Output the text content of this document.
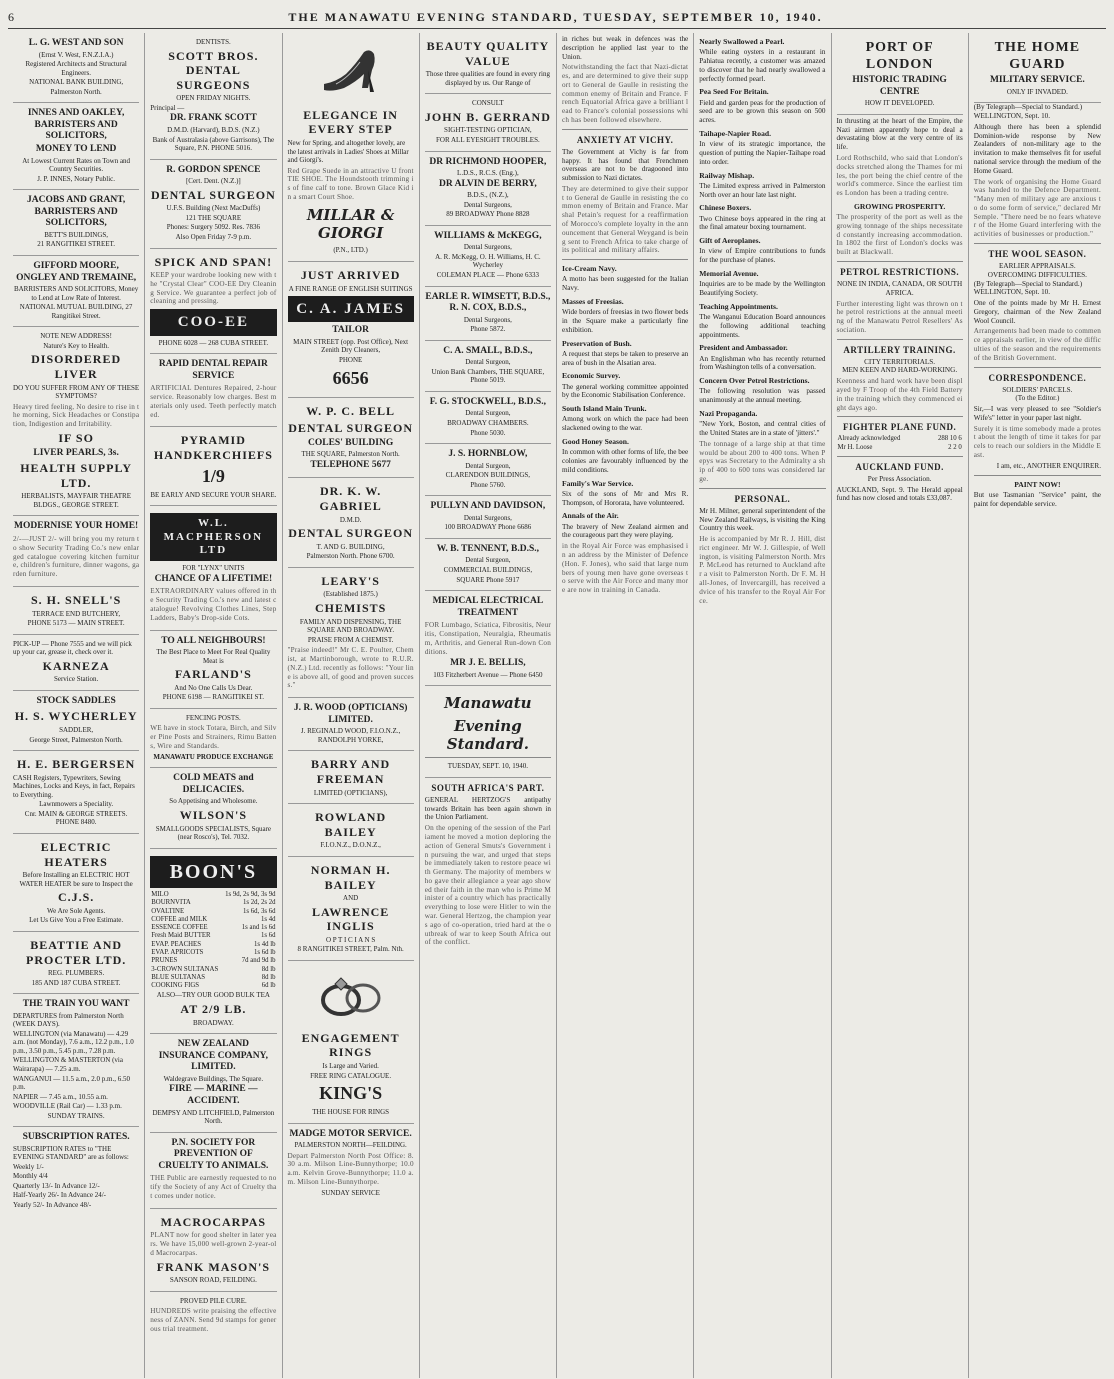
6	THE MANAWATU EVENING STANDARD, TUESDAY, SEPTEMBER 10, 1940.
L. G. WEST AND SON
(Ernst V. West, F.N.Z.I.A.)
Registered Architects and Structural Engineers.
NATIONAL BANK BUILDING,
Palmerston North.
INNES AND OAKLEY, BARRISTERS AND SOLICITORS,
MONEY TO LEND
At Lowest Current Rates on Town and Country Securities.
J. P. INNES, Notary Public.
JACOBS AND GRANT, BARRISTERS AND SOLICITORS,
BETT'S BUILDINGS,
21 RANGITIKEI STREET.
GIFFORD MOORE, ONGLEY AND TREMAINE,
BARRISTERS AND SOLICITORS, Money to Lend at Low Rate of Interest.
NATIONAL MUTUAL BUILDING, 27 Rangitikei Street.
NOTE NEW ADDRESS!
Nature's Key to Health.
DISORDERED LIVER
DO YOU SUFFER FROM ANY OF THESE SYMPTOMS?
Heavy tired feeling, No desire to rise in the morning, Sick Headaches or Constipation, Indigestion and Irritability.
IF SO
LIVER PEARLS, 3s.
HEALTH SUPPLY LTD.
HERBALISTS, MAYFAIR THEATRE BLDGS., GEORGE STREET.
MODERNISE YOUR HOME!
2/-—JUST 2/- will bring you my return to show Security Trading Co.'s new enlarged catalogue covering kitchen furniture, children's furniture, dinner wagons, garden furniture.
S. H. SNELL'S
TERRACE END BUTCHERY,
PHONE 5173 — MAIN STREET.
PICK-UP — Phone 7555 and we will pick up your car, grease it, check over it.
KARNEZA
Service Station.
STOCK SADDLES
H. S. WYCHERLEY
SADDLER,
George Street, Palmerston North.
H. E. BERGERSEN
CASH Registers, Typewriters, Sewing Machines, Locks and Keys, in fact, Repairs to Everything.
Lawnmowers a Speciality.
Cnr. MAIN & GEORGE STREETS. PHONE 8480.
ELECTRIC HEATERS
Before Installing an ELECTRIC HOT WATER HEATER be sure to Inspect the
C.J.S.
We Are Sole Agents.
Let Us Give You a Free Estimate.
BEATTIE AND PROCTER LTD.
REG. PLUMBERS.
185 AND 187 CUBA STREET.
THE TRAIN YOU WANT
DEPARTURES from Palmerston North (WEEK DAYS).
WELLINGTON (via Manawatu) — 4.29 a.m. (not Monday), 7.6 a.m., 12.2 p.m., 1.0 p.m., 3.50 p.m., 5.45 p.m., 7.28 p.m.
WELLINGTON & MASTERTON (via Wairarapa) — 7.25 a.m.
WANGANUI — 11.5 a.m., 2.0 p.m., 6.50 p.m.
NAPIER — 7.45 a.m., 10.55 a.m.
WOODVILLE (Rail Car) — 1.33 p.m.
SUNDAY TRAINS.
SUBSCRIPTION RATES.
SUBSCRIPTION RATES to "THE EVENING STANDARD" are as follows:
Weekly 1/-
Monthly 4/4
Quarterly 13/- In Advance 12/-
Half-Yearly 26/- In Advance 24/-
Yearly 52/- In Advance 48/-
DENTISTS.
SCOTT BROS. DENTAL SURGEONS
OPEN FRIDAY NIGHTS.
Principal —
DR. FRANK SCOTT
D.M.D. (Harvard), B.D.S. (N.Z.)
Bank of Australasia (above Garrisons), The Square, P.N. PHONE 5016.
R. GORDON SPENCE
[Cert. Dent. (N.Z.)]
DENTAL SURGEON
U.F.S. Building (Next MacDuffs)
121 THE SQUARE
Phones: Surgery 5092. Res. 7836
Also Open Friday 7-9 p.m.
SPICK AND SPAN!
KEEP your wardrobe looking new with the "Crystal Clear" COO-EE Dry Cleaning Service. We guarantee a perfect job of cleaning and pressing.
COO-EE
PHONE 6028 — 268 CUBA STREET.
RAPID DENTAL REPAIR SERVICE
ARTIFICIAL Dentures Repaired, 2-hour service. Reasonably low charges. Best materials only used. Teeth perfectly matched.
PYRAMID HANDKERCHIEFS
1/9
BE EARLY AND SECURE YOUR SHARE.
W.L. MACPHERSON LTD
FOR "LYNX" UNITS
CHANCE OF A LIFETIME!
EXTRAORDINARY values offered in the Security Trading Co.'s new and latest catalogue! Revolving Clothes Lines, Step Ladders, Baby's Drop-side Cots.
TO ALL NEIGHBOURS!
The Best Place to Meet For Real Quality Meat is
FARLAND'S
And No One Calls Us Dear.
PHONE 6198 — RANGITIKEI ST.
FENCING POSTS.
WE have in stock Totara, Birch, and Silver Pine Posts and Strainers, Rimu Battens, Wire and Standards.
MANAWATU PRODUCE EXCHANGE
COLD MEATS and DELICACIES.
So Appetising and Wholesome.
WILSON'S
SMALLGOODS SPECIALISTS, Square (near Rosco's), Tel. 7032.
BOON'S
MILO	1s 9d, 2s 9d, 3s 9d
BOURNVITA	1s 2d, 2s 2d
OVALTINE	1s 6d, 3s 6d
COFFEE and MILK	1s 4d
ESSENCE COFFEE	1s and 1s 6d
Fresh Maid BUTTER	1s 6d
EVAP. PEACHES	1s 4d lb
EVAP. APRICOTS	1s 6d lb
PRUNES	7d and 9d lb
3-CROWN SULTANAS	8d lb
BLUE SULTANAS	8d lb
COOKING FIGS	6d lb
ALSO—TRY OUR GOOD BULK TEA
AT 2/9 LB.
BROADWAY.
NEW ZEALAND INSURANCE COMPANY, LIMITED.
Waldegrave Buildings, The Square.
FIRE — MARINE — ACCIDENT.
DEMPSY AND LITCHFIELD, Palmerston North.
P.N. SOCIETY FOR PREVENTION OF CRUELTY TO ANIMALS.
THE Public are earnestly requested to notify the Society of any Act of Cruelty that comes under notice.
MACROCARPAS
PLANT now for good shelter in later years. We have 15,000 well-grown 2-year-old Macrocarpas.
FRANK MASON'S
SANSON ROAD, FEILDING.
PROVED PILE CURE.
HUNDREDS write praising the effectiveness of ZANN. Send 9d stamps for generous trial treatment.
ELEGANCE IN EVERY STEP
New for Spring, and altogether lovely, are the latest arrivals in Ladies' Shoes at Millar and Giorgi's.
Red Grape Suede in an attractive U front TIE SHOE. The Houndstooth trimming is of fine calf to tone. Brown Glace Kid in a smart Court Shoe.
MILLAR & GIORGI
(P.N., LTD.)
JUST ARRIVED
A FINE RANGE OF ENGLISH SUITINGS
C. A. JAMES
TAILOR
MAIN STREET (opp. Post Office), Next Zenith Dry Cleaners,
PHONE
6656
W. P. C. BELL
DENTAL SURGEON
COLES' BUILDING
THE SQUARE, Palmerston North.
TELEPHONE 5677
DR. K. W. GABRIEL
D.M.D.
DENTAL SURGEON
T. AND G. BUILDING,
Palmerston North. Phone 6700.
LEARY'S
(Established 1875.)
CHEMISTS
FAMILY AND DISPENSING, THE SQUARE AND BROADWAY.
PRAISE FROM A CHEMIST.
"Praise indeed!" Mr C. E. Poulter, Chemist, at Martinborough, wrote to R.U.R. (N.Z.) Ltd. recently as follows: "Your line is above all, of good and proven success."
J. R. WOOD (OPTICIANS) LIMITED.
J. REGINALD WOOD, F.I.O.N.Z., RANDOLPH YORKE,
BARRY AND FREEMAN
LIMITED (OPTICIANS),
ROWLAND BAILEY
F.I.O.N.Z., D.O.N.Z.,
NORMAN H. BAILEY
AND
LAWRENCE INGLIS
O P T I C I A N S
8 RANGITIKEI STREET, Palm. Nth.
ENGAGEMENT RINGS
Is Large and Varied.
FREE RING CATALOGUE.
KING'S
THE HOUSE FOR RINGS
MADGE MOTOR SERVICE.
PALMERSTON NORTH—FEILDING.
Depart Palmerston North Post Office: 8.30 a.m. Milson Line-Bunnythorpe; 10.0 a.m. Kelvin Grove-Bunnythorpe; 11.0 a.m. Milson Line-Bunnythorpe.
SUNDAY SERVICE
BEAUTY QUALITY VALUE
Those three qualities are found in every ring displayed by us. Our Range of
CONSULT
JOHN B. GERRAND
SIGHT-TESTING OPTICIAN,
FOR ALL EYESIGHT TROUBLES.
DR RICHMOND HOOPER,
L.D.S., R.C.S. (Eng.),
DR ALVIN DE BERRY,
B.D.S., (N.Z.),
Dental Surgeons,
89 BROADWAY Phone 8828
WILLIAMS & McKEGG,
Dental Surgeons,
A. R. McKegg, O. H. Williams, H. C. Wycherley
COLEMAN PLACE — Phone 6333
EARLE R. WIMSETT, B.D.S., R. N. COX, B.D.S.,
Dental Surgeons,
Phone 5872.
C. A. SMALL, B.D.S.,
Dental Surgeon,
Union Bank Chambers, THE SQUARE, Phone 5019.
F. G. STOCKWELL, B.D.S.,
Dental Surgeon,
BROADWAY CHAMBERS.
Phone 5030.
J. S. HORNBLOW,
Dental Surgeon,
CLARENDON BUILDINGS,
Phone 5760.
PULLYN AND DAVIDSON,
Dental Surgeons,
100 BROADWAY Phone 6686
W. B. TENNENT, B.D.S.,
Dental Surgeon,
COMMERCIAL BUILDINGS,
SQUARE Phone 5917
MEDICAL ELECTRICAL TREATMENT
FOR Lumbago, Sciatica, Fibrositis, Neuritis, Constipation, Neuralgia, Rheumatism, Arthritis, and General Run-down Conditions.
MR J. E. BELLIS,
103 Fitzherbert Avenue — Phone 6450
Manawatu
Evening Standard.
TUESDAY, SEPT. 10, 1940.
SOUTH AFRICA'S PART.
GENERAL HERTZOG'S antipathy towards Britain has been again shown in the Union Parliament.
On the opening of the session of the Parliament he moved a motion deploring the action of General Smuts's Government in pursuing the war, and urged that steps be immediately taken to restore peace with Germany. The majority of members who gave their allegiance a year ago showed their faith in the man who is Prime Minister of a country which has practically everything to lose were Hitler to win the war. General Hertzog, the champion years ago of co-operation, tried hard at the outbreak of war to keep South Africa out of the conflict.
in riches but weak in defences was the description he applied last year to the Union.
Notwithstanding the fact that Nazi-dictates, and are determined to give their support to General de Gaulle in resisting the common enemy of Britain and France. French Equatorial Africa gave a brilliant lead to France's colonial possessions which has been followed elsewhere.
ANXIETY AT VICHY.
The Government at Vichy is far from happy. It has found that Frenchmen overseas are not to be dragooned into submission to Nazi dictates.
They are determined to give their support to General de Gaulle in resisting the common enemy of Britain and France. Marshal Petain's request for a reaffirmation of Morocco's complete loyalty in the announcement that General Weygand is being sent to French Africa to take charge of its political and military affairs.
Ice-Cream Navy.
A motto has been suggested for the Italian Navy.
Masses of Freesias.
Wide borders of freesias in two flower beds in the Square make a particularly fine exhibition.
Preservation of Bush.
A request that steps be taken to preserve an area of bush in the Alsatian area.
Economic Survey.
The general working committee appointed by the Economic Stabilisation Conference.
South Island Main Trunk.
Among work on which the pace had been slackened owing to the war.
Good Honey Season.
In common with other forms of life, the bee colonies are favourably influenced by the mild conditions.
Family's War Service.
Six of the sons of Mr and Mrs R. Thompson, of Hororata, have volunteered.
Annals of the Air.
The bravery of New Zealand airmen and the courageous part they were playing.
in the Royal Air Force was emphasised in an address by the Minister of Defence (Hon. F. Jones), who said that large numbers of young men have gone overseas to serve with the Air Force and many more are now in training in Canada.
Nearly Swallowed a Pearl.
While eating oysters in a restaurant in Pahiatua recently, a customer was amazed to discover that he had nearly swallowed a perfectly formed pearl.
Pea Seed For Britain.
Field and garden peas for the production of seed are to be grown this season on 500 acres.
Taihape-Napier Road.
In view of its strategic importance, the question of putting the Napier-Taihape road into order.
Railway Mishap.
The Limited express arrived in Palmerston North over an hour late last night.
Chinese Boxers.
Two Chinese boys appeared in the ring at the final amateur boxing tournament.
Gift of Aeroplanes.
In view of Empire contributions to funds for the purchase of planes.
Memorial Avenue.
Inquiries are to be made by the Wellington Beautifying Society.
Teaching Appointments.
The Wanganui Education Board announces the following additional teaching appointments.
President and Ambassador.
An Englishman who has recently returned from Washington tells of a conversation.
Concern Over Petrol Restrictions.
The following resolution was passed unanimously at the annual meeting.
Nazi Propaganda.
"New York, Boston, and central cities of the United States are in a state of 'jitters'."
The tonnage of a large ship at that time would be about 200 to 400 tons. When Pepys was Secretary to the Admiralty a ship of 400 to 600 tons was considered large.
PERSONAL.
Mr H. Milner, general superintendent of the New Zealand Railways, is visiting the King Country this week.
He is accompanied by Mr R. J. Hill, district engineer. Mr W. J. Gillespie, of Wellington, is visiting Palmerston North. Mrs P. McLeod has returned to Auckland after a visit to Palmerston North. Dr F. M. Hall-Jones, of Invercargill, has received advice of his transfer to the Royal Air Force.
PORT OF LONDON
HISTORIC TRADING CENTRE
HOW IT DEVELOPED.
In thrusting at the heart of the Empire, the Nazi airmen apparently hope to deal a devastating blow at the very centre of its life.
Lord Rothschild, who said that London's docks stretched along the Thames for miles, the port being the chief centre of the world's commerce. Since the earliest times London has been a trading centre.
GROWING PROSPERITY.
The prosperity of the port as well as the growing tonnage of the ships necessitated constantly increasing accommodation. In 1802 the first of London's docks was built at Blackwall.
PETROL RESTRICTIONS.
NONE IN INDIA, CANADA, OR SOUTH AFRICA.
Further interesting light was thrown on the petrol restrictions at the annual meeting of the Manawatu Petrol Resellers' Association.
ARTILLERY TRAINING.
CITY TERRITORIALS.
MEN KEEN AND HARD-WORKING.
Keenness and hard work have been displayed by F Troop of the 4th Field Battery in the training which they commenced eight days ago.
FIGHTER PLANE FUND.
Already acknowledged	288 10 6
Mr H. Loose	2 2 0
AUCKLAND FUND.
Per Press Association.
AUCKLAND, Sept. 9. The Herald appeal fund has now closed and totals £33,087.
THE HOME GUARD
MILITARY SERVICE.
ONLY IF INVADED.
(By Telegraph—Special to Standard.) WELLINGTON, Sept. 10.
Although there has been a splendid Dominion-wide response by New Zealanders of non-military age to the invitation to make themselves fit for useful national service through the medium of the Home Guard.
The work of organising the Home Guard was handed to the Defence Department. "Many men of military age are anxious to do some form of service," declared Mr Semple. "There need be no fears whatever of the Home Guard interfering with the activities of businesses or production."
THE WOOL SEASON.
EARLIER APPRAISALS.
OVERCOMING DIFFICULTIES.
(By Telegraph—Special to Standard.) WELLINGTON, Sept. 10.
One of the points made by Mr H. Ernest Gregory, chairman of the New Zealand Wool Council.
Arrangements had been made to commence appraisals earlier, in view of the difficulties of the season and the requirements of the British Government.
CORRESPONDENCE.
SOLDIERS' PARCELS.
(To the Editor.)
Sir,—I was very pleased to see "Soldier's Wife's" letter in your paper last night.
Surely it is time somebody made a protest about the length of time it takes for parcels to reach our soldiers in the Middle East.
I am, etc., ANOTHER ENQUIRER.
PAINT NOW!
But use Tasmanian "Service" paint, the paint for dependable service.
